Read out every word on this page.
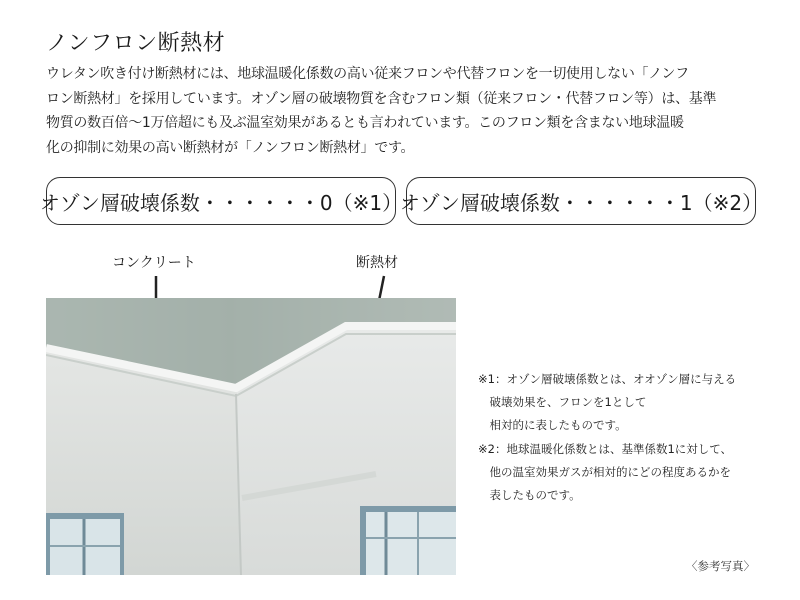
ノンフロン断熱材
ウレタン吹き付け断熱材には、地球温暖化係数の高い従来フロンや代替フロンを一切使用しない「ノンフ
ロン断熱材」を採用しています。オゾン層の破壊物質を含むフロン類（従来フロン・代替フロン等）は、基準
物質の数百倍～1万倍超にも及ぶ温室効果があるとも言われています。このフロン類を含まない地球温暖
化の抑制に効果の高い断熱材が「ノンフロン断熱材」です。
オゾン層破壊係数・・・・・・0（※1）
オゾン層破壊係数・・・・・・1（※2）
コンクリート	断熱材
※1：オゾン層破壊係数とは、オオゾン層に与える
　破壊効果を、フロンを1として
　相対的に表したものです。
※2：地球温暖化係数とは、基準係数1に対して、
　他の温室効果ガスが相対的にどの程度あるかを
　表したものです。
〈参考写真〉
